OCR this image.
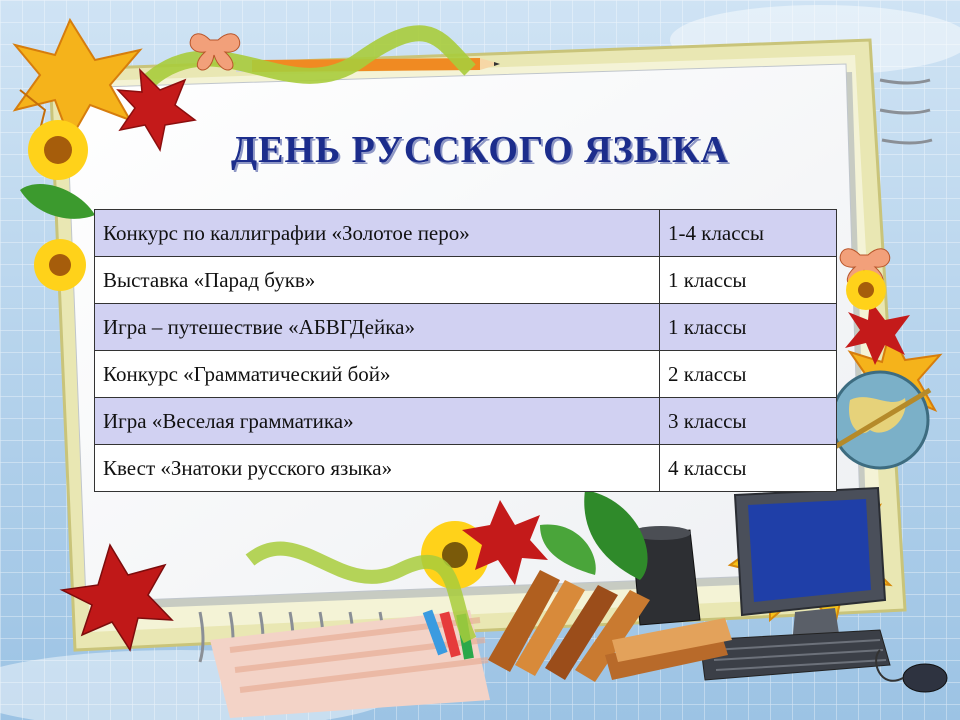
ДЕНЬ РУССКОГО ЯЗЫКА
Конкурс по каллиграфии «Золотое перо»	1-4 классы
Выставка «Парад букв»	1 классы
Игра – путешествие «АБВГДейка»	1 классы
Конкурс «Грамматический бой»	2 классы
Игра «Веселая грамматика»	3 классы
Квест «Знатоки русского языка»	4 классы
